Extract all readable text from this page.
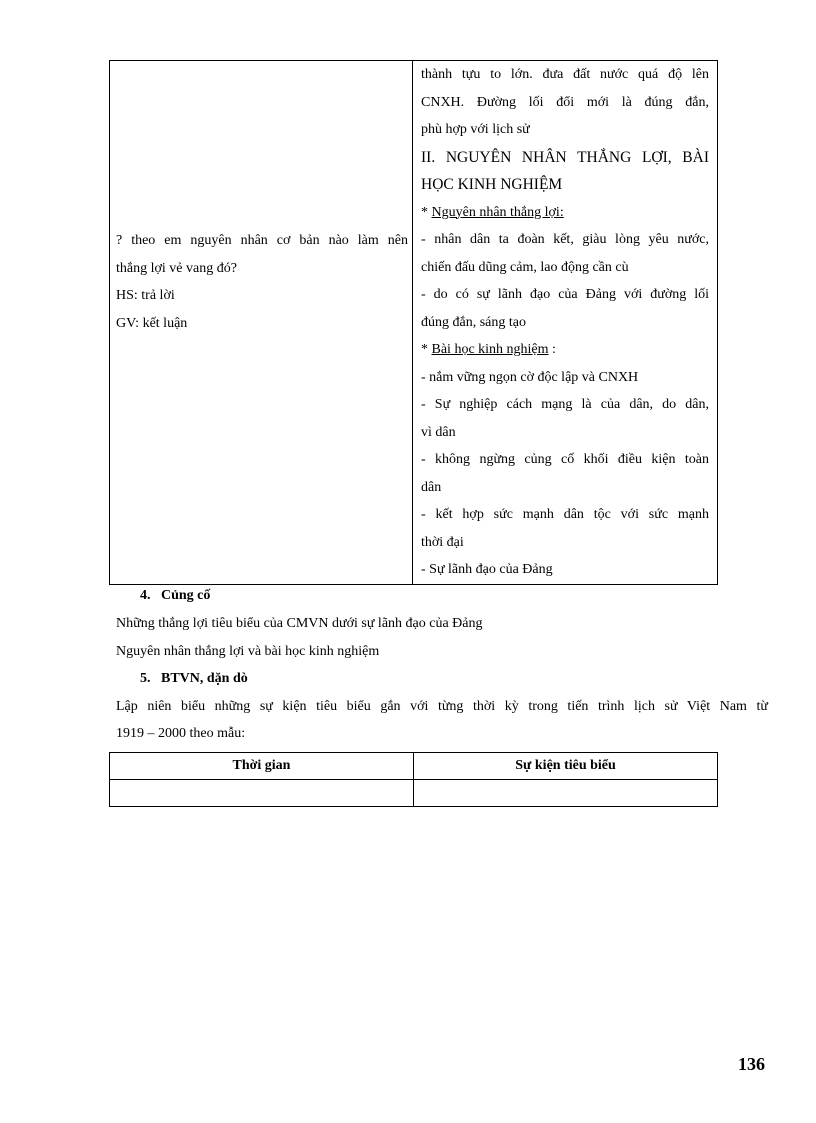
? theo em nguyên nhân cơ bản nào làm nên
thắng lợi vẻ vang đó?
HS: trả lời
GV: kết luận

thành tựu to lớn. đưa đất nước quá độ lên
CNXH. Đường lối đổi mới là đúng đắn,
phù hợp với lịch sử
II. NGUYÊN NHÂN THẮNG LỢI, BÀI
HỌC KINH NGHIỆM
* Nguyên nhân thắng lợi:
- nhân dân ta đoàn kết, giàu lòng yêu nước,
chiến đấu dũng cảm, lao động cần cù
- do có sự lãnh đạo của Đảng với đường lối
đúng đắn, sáng tạo
* Bài học kinh nghiệm :
- nắm vững ngọn cờ độc lập và CNXH
- Sự nghiệp cách mạng là của dân, do dân,
vì dân
- không ngừng củng cố khối điều kiện toàn
dân
- kết hợp sức mạnh dân tộc với sức mạnh
thời đại
- Sự lãnh đạo của Đảng
4. Củng cố
Những thắng lợi tiêu biểu của CMVN dưới sự lãnh đạo của Đảng
Nguyên nhân thắng lợi và bài học kinh nghiệm
5. BTVN, dặn dò
Lập niên biểu những sự kiện tiêu biểu gắn với từng thời kỳ trong tiến trình lịch sử Việt Nam từ
1919 – 2000 theo mẫu:
Thời gian	Sự kiện tiêu biểu

136
